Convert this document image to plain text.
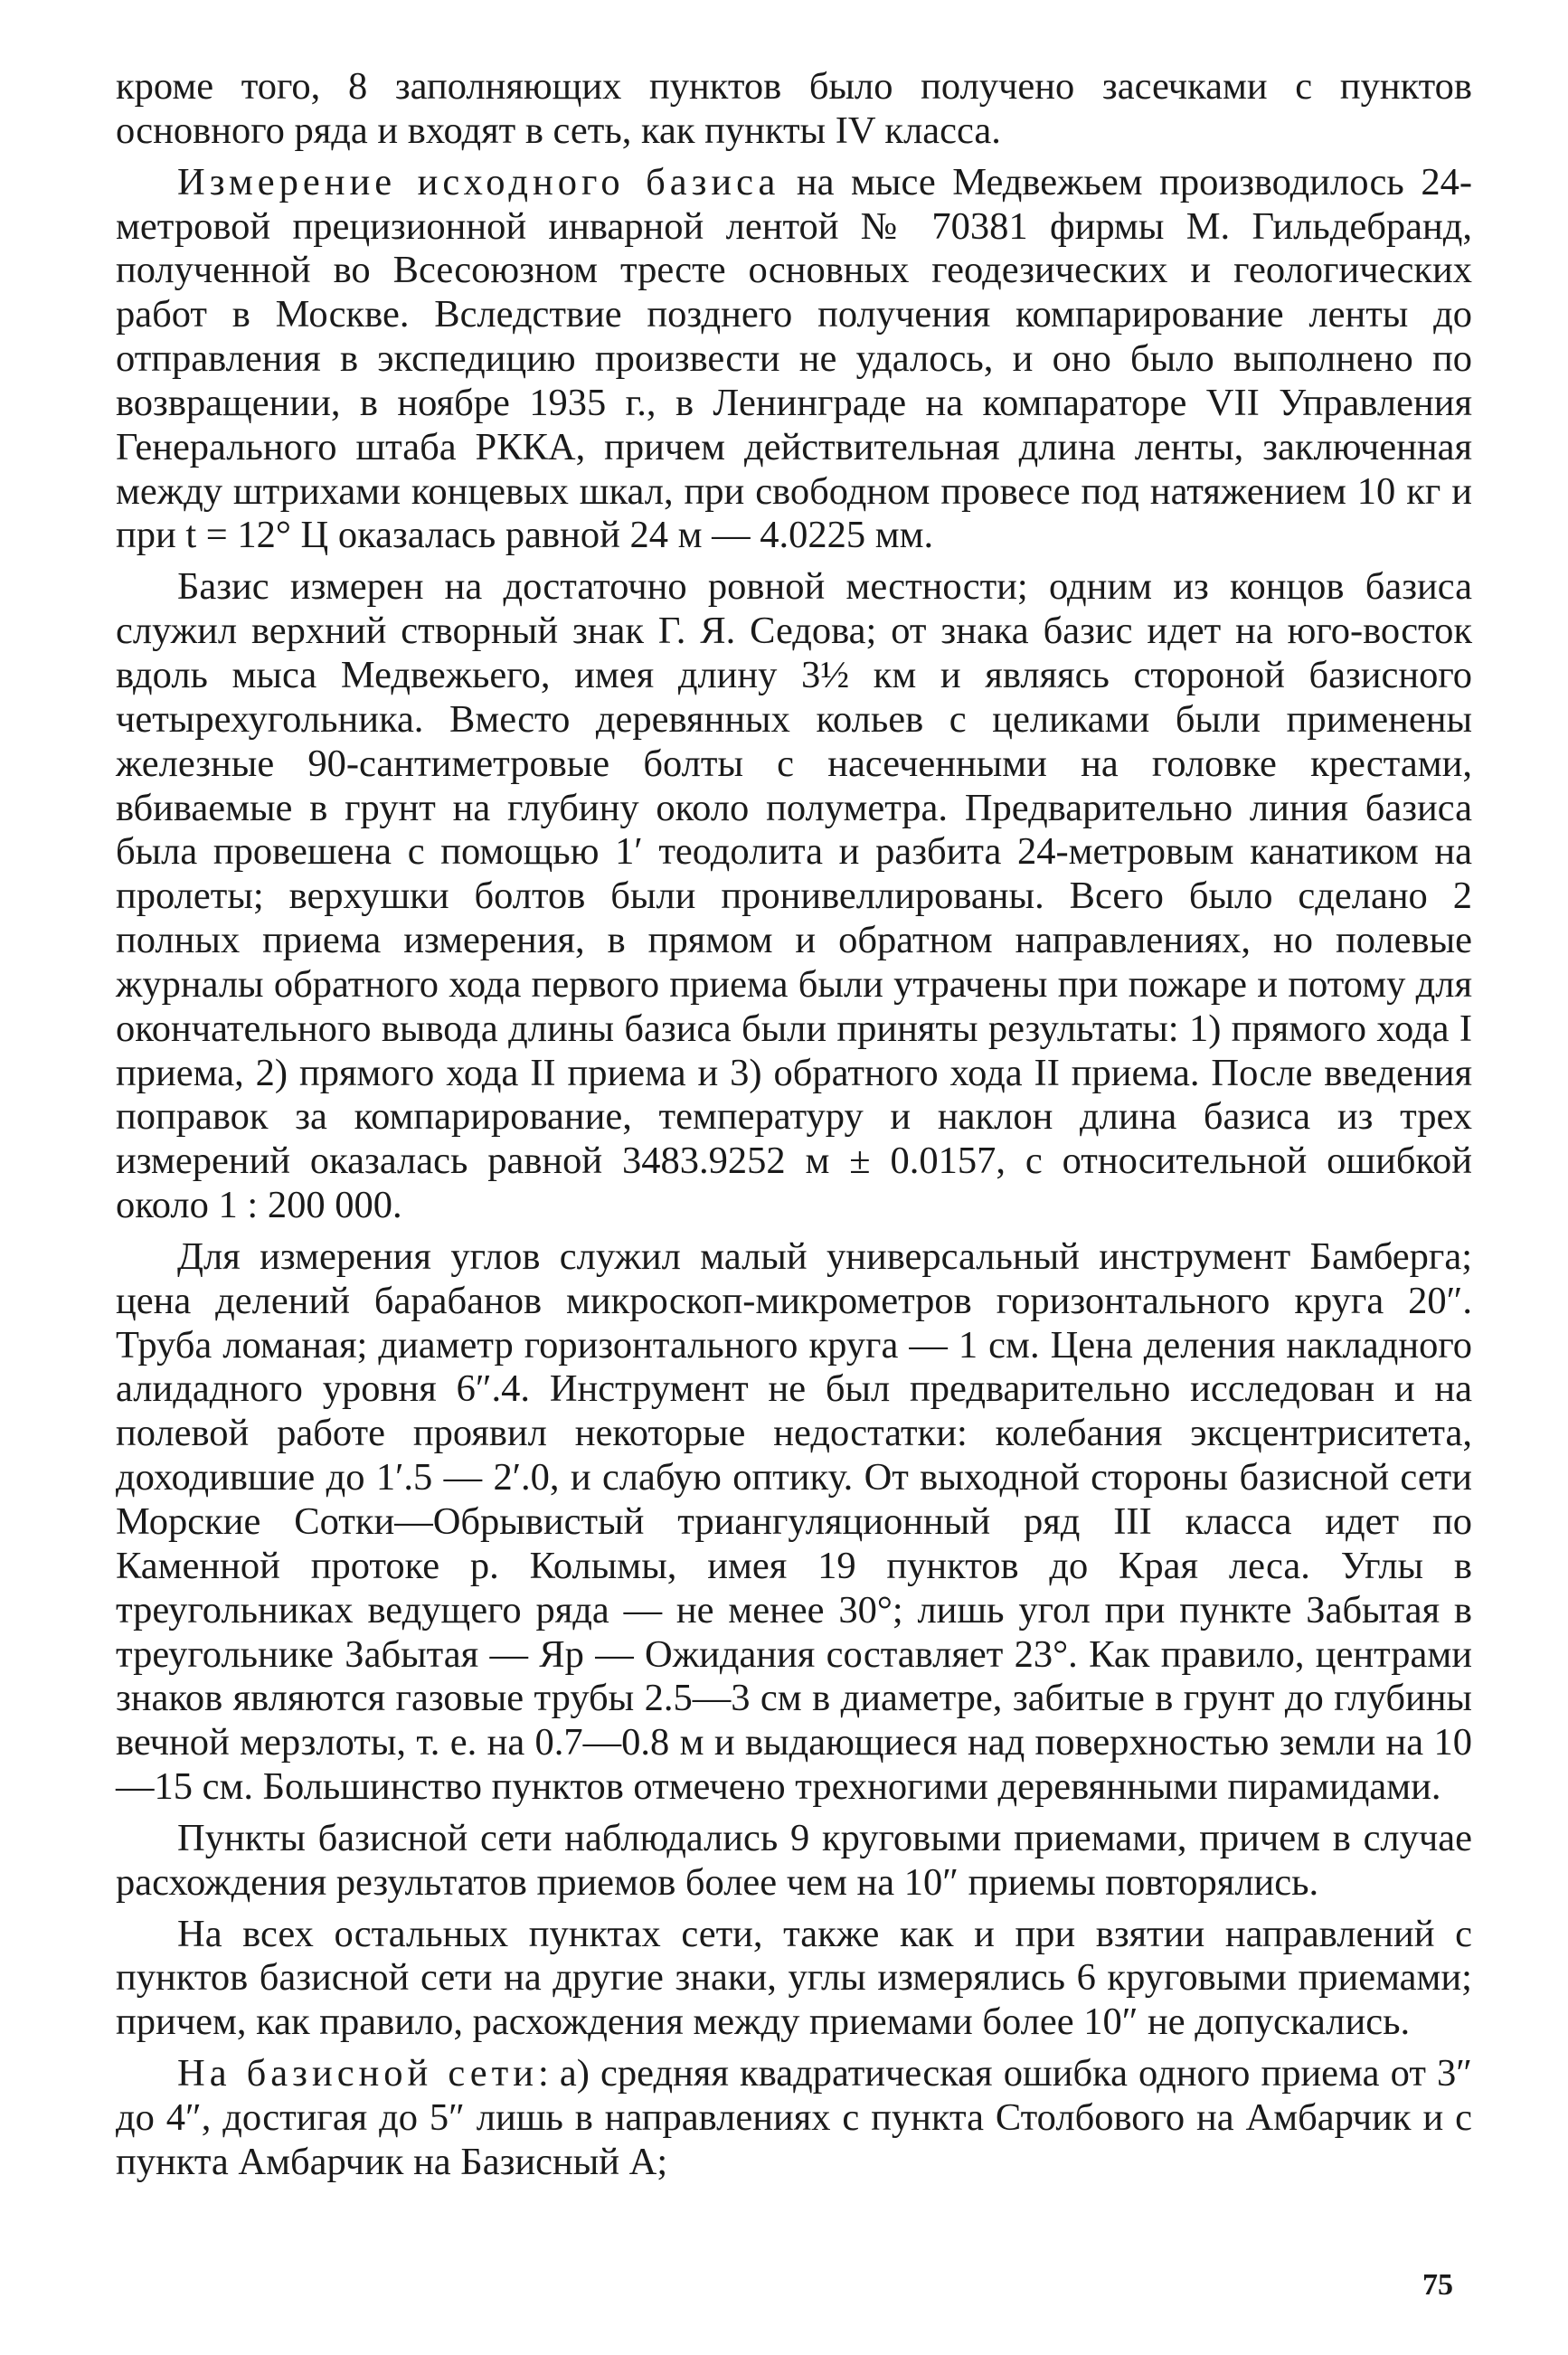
кроме того, 8 заполняющих пунктов было получено засечками с пунктов основного ряда и входят в сеть, как пункты IV класса.

Измерение исходного базиса на мысе Медвежьем производилось 24-метровой прецизионной инварной лентой № 70381 фирмы М. Гильдебранд, полученной во Всесоюзном тресте основных геодезических и геологических работ в Москве. Вследствие позднего получения компарирование ленты до отправления в экспедицию произвести не удалось, и оно было выполнено по возвращении, в ноябре 1935 г., в Ленинграде на компараторе VII Управления Генерального штаба РККА, причем действительная длина ленты, заключенная между штрихами концевых шкал, при свободном провесе под натяжением 10 кг и при t = 12° Ц оказалась равной 24 м — 4.0225 мм.

Базис измерен на достаточно ровной местности; одним из концов базиса служил верхний створный знак Г. Я. Седова; от знака базис идет на юго-восток вдоль мыса Медвежьего, имея длину 3½ км и являясь стороной базисного четырехугольника. Вместо деревянных кольев с целиками были применены железные 90-сантиметровые болты с насеченными на головке крестами, вбиваемые в грунт на глубину около полуметра. Предварительно линия базиса была провешена с помощью 1′ теодолита и разбита 24-метровым канатиком на пролеты; верхушки болтов были пронивеллированы. Всего было сделано 2 полных приема измерения, в прямом и обратном направлениях, но полевые журналы обратного хода первого приема были утрачены при пожаре и потому для окончательного вывода длины базиса были приняты результаты: 1) прямого хода I приема, 2) прямого хода II приема и 3) обратного хода II приема. После введения поправок за компарирование, температуру и наклон длина базиса из трех измерений оказалась равной 3483.9252 м ± 0.0157, с относительной ошибкой около 1 : 200 000.

Для измерения углов служил малый универсальный инструмент Бамберга; цена делений барабанов микроскоп-микрометров горизонтального круга 20″. Труба ломаная; диаметр горизонтального круга — 1 см. Цена деления накладного алидадного уровня 6″.4. Инструмент не был предварительно исследован и на полевой работе проявил некоторые недостатки: колебания эксцентриситета, доходившие до 1′.5 — 2′.0, и слабую оптику. От выходной стороны базисной сети Морские Сотки—Обрывистый триангуляционный ряд III класса идет по Каменной протоке р. Колымы, имея 19 пунктов до Края леса. Углы в треугольниках ведущего ряда — не менее 30°; лишь угол при пункте Забытая в треугольнике Забытая — Яр — Ожидания составляет 23°. Как правило, центрами знаков являются газовые трубы 2.5—3 см в диаметре, забитые в грунт до глубины вечной мерзлоты, т. е. на 0.7—0.8 м и выдающиеся над поверхностью земли на 10—15 см. Большинство пунктов отмечено трехногими деревянными пирамидами.

Пункты базисной сети наблюдались 9 круговыми приемами, причем в случае расхождения результатов приемов более чем на 10″ приемы повторялись.

На всех остальных пунктах сети, также как и при взятии направлений с пунктов базисной сети на другие знаки, углы измерялись 6 круговыми приемами; причем, как правило, расхождения между приемами более 10″ не допускались.

На базисной сети: а) средняя квадратическая ошибка одного приема от 3″ до 4″, достигая до 5″ лишь в направлениях с пункта Столбового на Амбарчик и с пункта Амбарчик на Базисный А;

75
